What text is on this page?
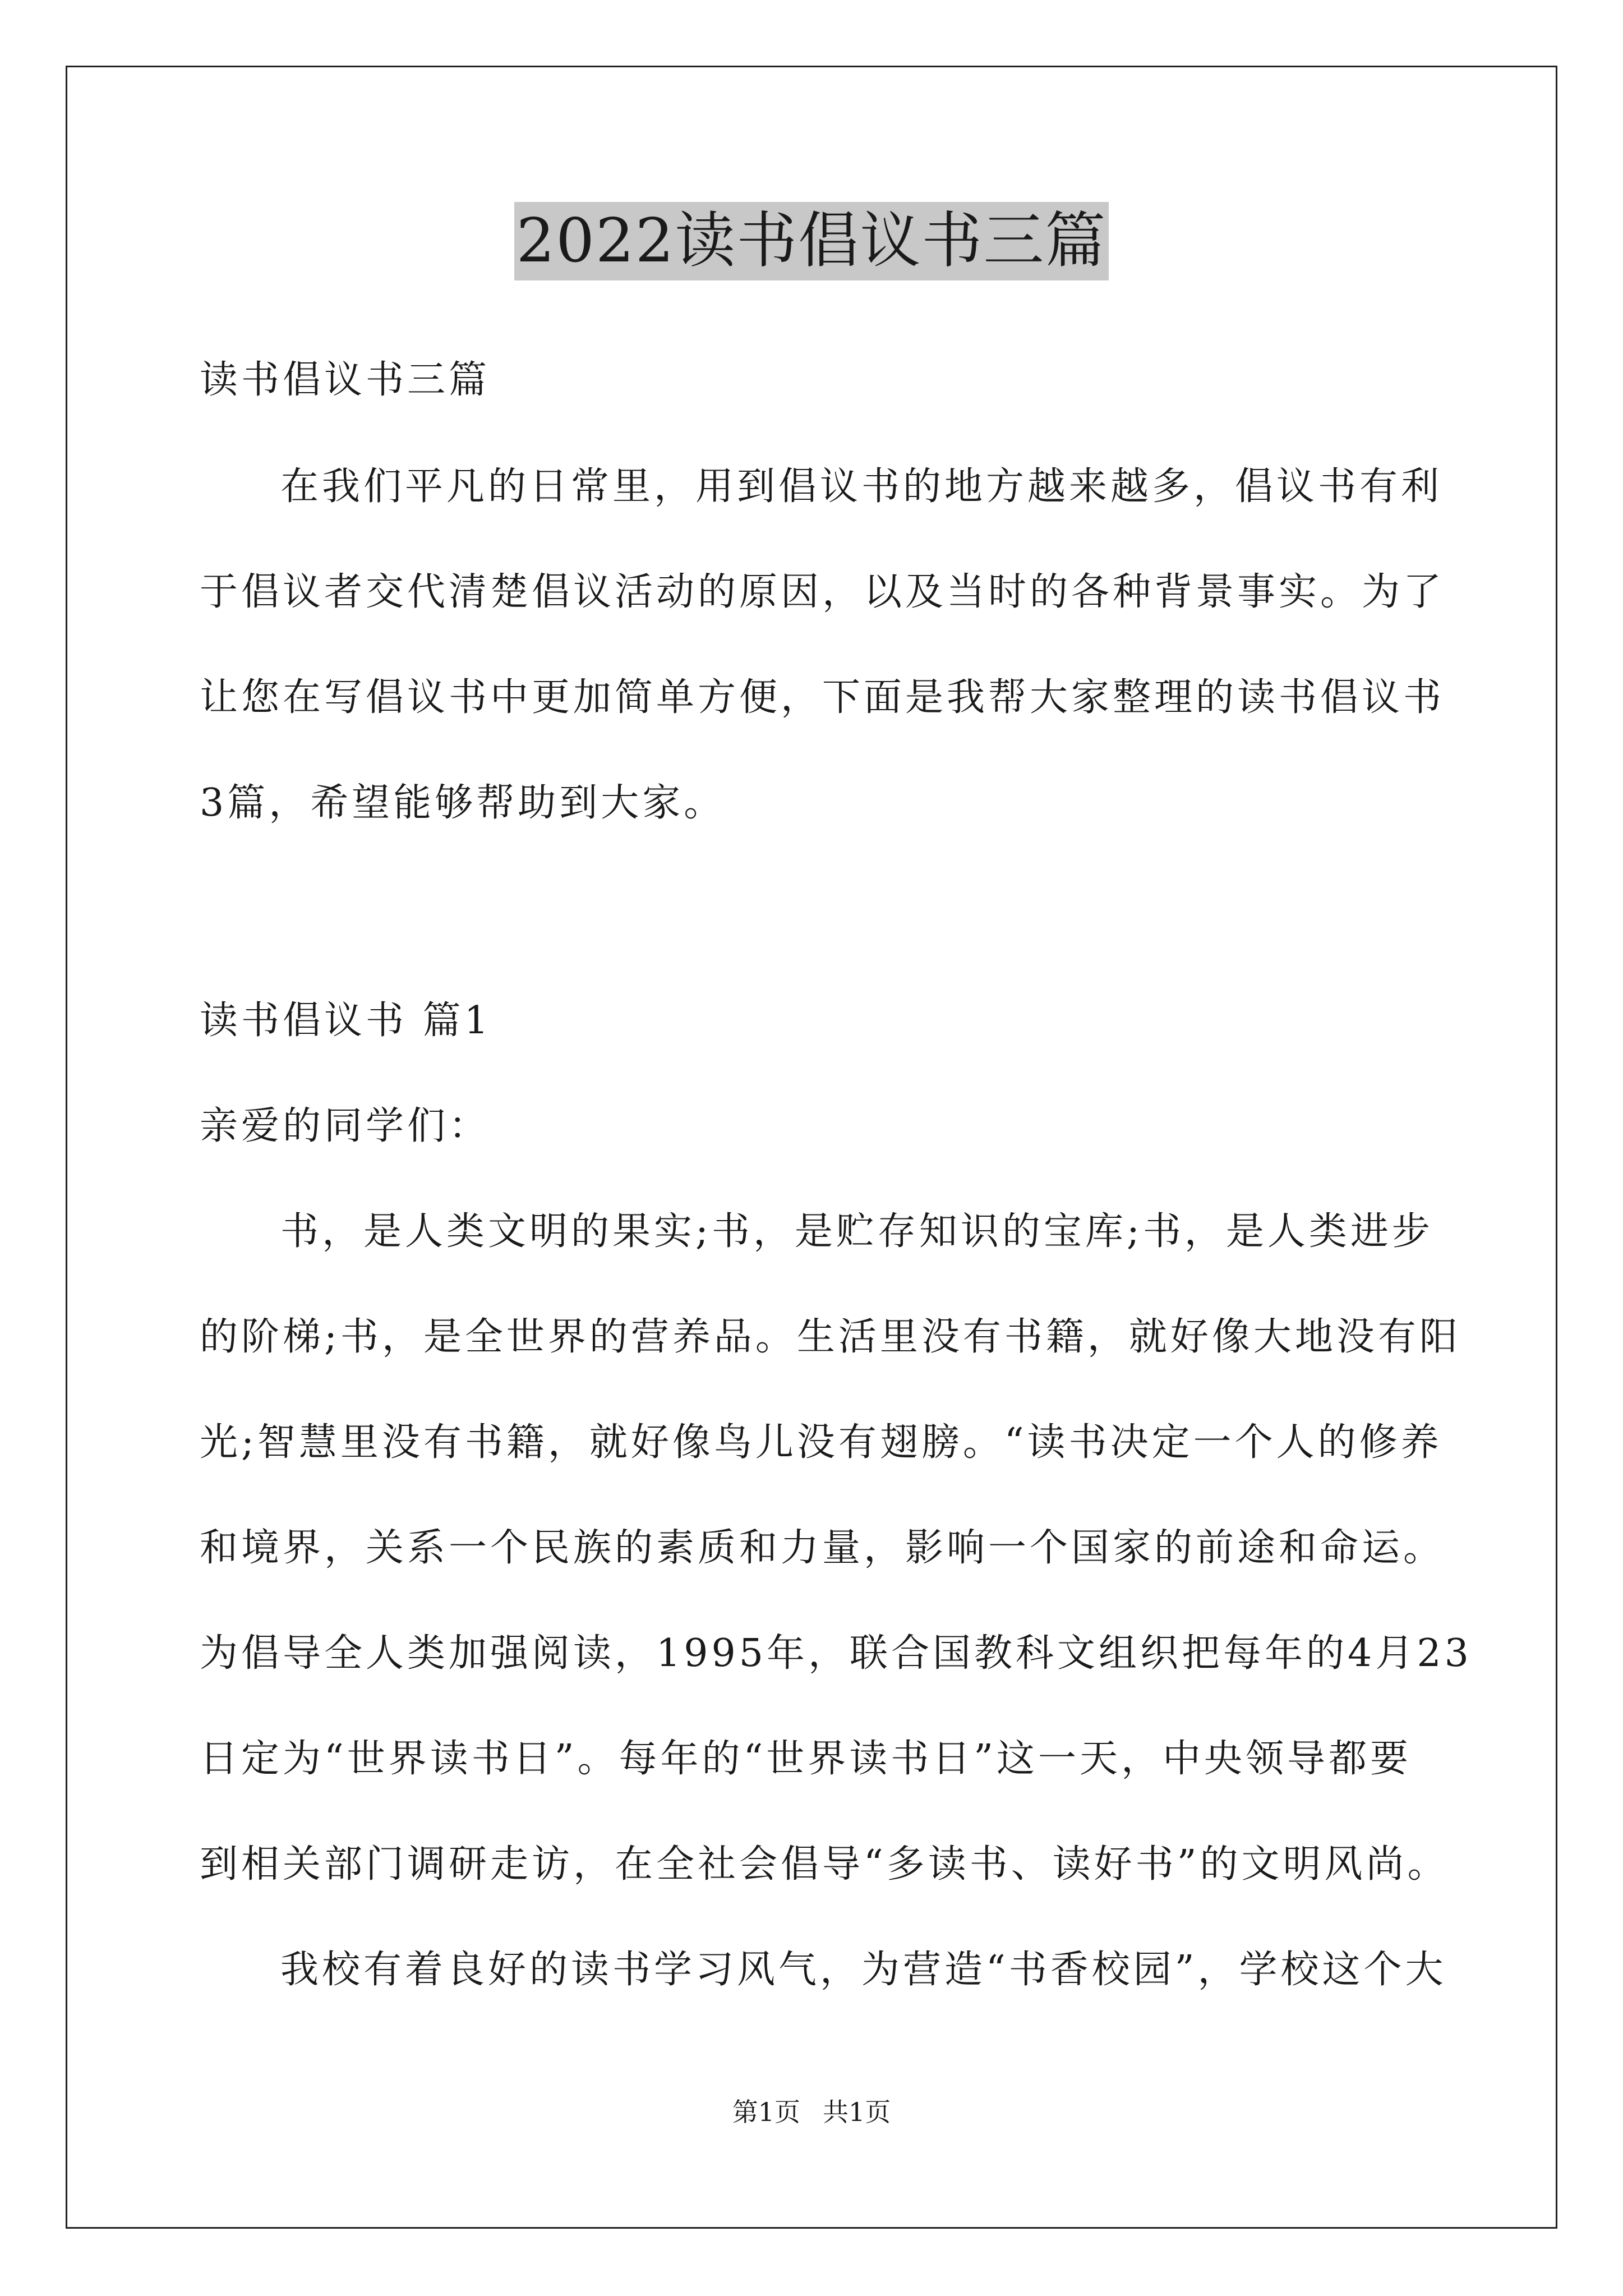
2022读书倡议书三篇
读书倡议书三篇
在我们平凡的日常里，用到倡议书的地方越来越多，倡议书有利
于倡议者交代清楚倡议活动的原因，以及当时的各种背景事实。为了
让您在写倡议书中更加简单方便，下面是我帮大家整理的读书倡议书
3篇，希望能够帮助到大家。
读书倡议书 篇1
亲爱的同学们：
书，是人类文明的果实;书，是贮存知识的宝库;书，是人类进步
的阶梯;书，是全世界的营养品。生活里没有书籍，就好像大地没有阳
光;智慧里没有书籍，就好像鸟儿没有翅膀。“读书决定一个人的修养
和境界，关系一个民族的素质和力量，影响一个国家的前途和命运。
为倡导全人类加强阅读，1995年，联合国教科文组织把每年的4月23
日定为“世界读书日”。每年的“世界读书日”这一天，中央领导都要
到相关部门调研走访，在全社会倡导“多读书、读好书”的文明风尚。
我校有着良好的读书学习风气，为营造“书香校园”，学校这个大
第1页 共1页
